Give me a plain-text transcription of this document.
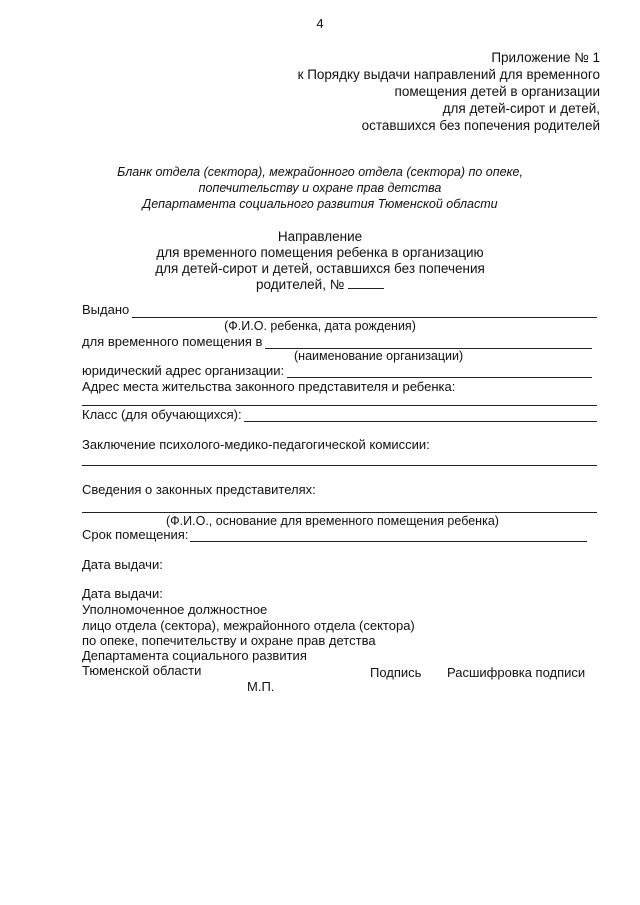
4
Приложение № 1
к Порядку выдачи направлений для временного
помещения детей в организации
для детей-сирот и детей,
оставшихся без попечения родителей
Бланк отдела (сектора), межрайонного отдела (сектора) по опеке,
попечительству и охране прав детства
Департамента социального развития Тюменской области
Направление
для временного помещения ребенка в организацию
для детей-сирот и детей, оставшихся без попечения
родителей, №
Выдано
(Ф.И.О. ребенка, дата рождения)
для временного помещения в
(наименование организации)
юридический адрес организации:
Адрес места жительства законного представителя и ребенка:
Класс (для обучающихся):
Заключение психолого-медико-педагогической комиссии:
Сведения о законных представителях:
(Ф.И.О., основание для временного помещения ребенка)
Срок помещения:
Дата выдачи:
Дата выдачи:
Уполномоченное должностное
лицо отдела (сектора), межрайонного отдела (сектора)
по опеке, попечительству и охране прав детства
Департамента социального развития
Тюменской области	Подпись Расшифровка подписи
М.П.
